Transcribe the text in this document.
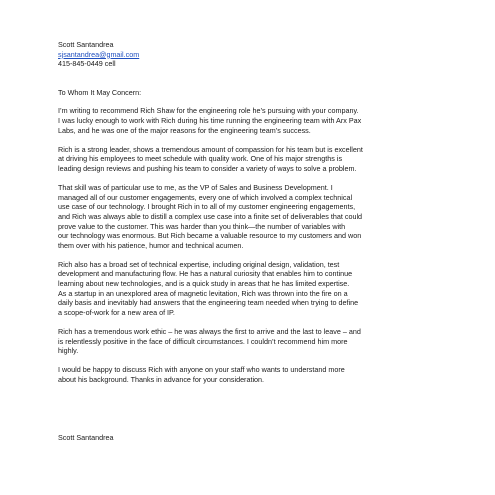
Scott Santandrea
sjsantandrea@gmail.com
415-845-0449 cell
To Whom It May Concern:
I’m writing to recommend Rich Shaw for the engineering role he’s pursuing with your company.
I was lucky enough to work with Rich during his time running the engineering team with Arx Pax
Labs, and he was one of the major reasons for the engineering team’s success.
Rich is a strong leader, shows a tremendous amount of compassion for his team but is excellent
at driving his employees to meet schedule with quality work. One of his major strengths is
leading design reviews and pushing his team to consider a variety of ways to solve a problem.
That skill was of particular use to me, as the VP of Sales and Business Development. I
managed all of our customer engagements, every one of which involved a complex technical
use case of our technology. I brought Rich in to all of my customer engineering engagements,
and Rich was always able to distill a complex use case into a finite set of deliverables that could
prove value to the customer. This was harder than you think—the number of variables with
our technology was enormous. But Rich became a valuable resource to my customers and won
them over with his patience, humor and technical acumen.
Rich also has a broad set of technical expertise, including original design, validation, test
development and manufacturing flow. He has a natural curiosity that enables him to continue
learning about new technologies, and is a quick study in areas that he has limited expertise.
As a startup in an unexplored area of magnetic levitation, Rich was thrown into the fire on a
daily basis and inevitably had answers that the engineering team needed when trying to define
a scope-of-work for a new area of IP.
Rich has a tremendous work ethic – he was always the first to arrive and the last to leave – and
is relentlessly positive in the face of difficult circumstances. I couldn’t recommend him more
highly.
I would be happy to discuss Rich with anyone on your staff who wants to understand more
about his background. Thanks in advance for your consideration.
Scott Santandrea
